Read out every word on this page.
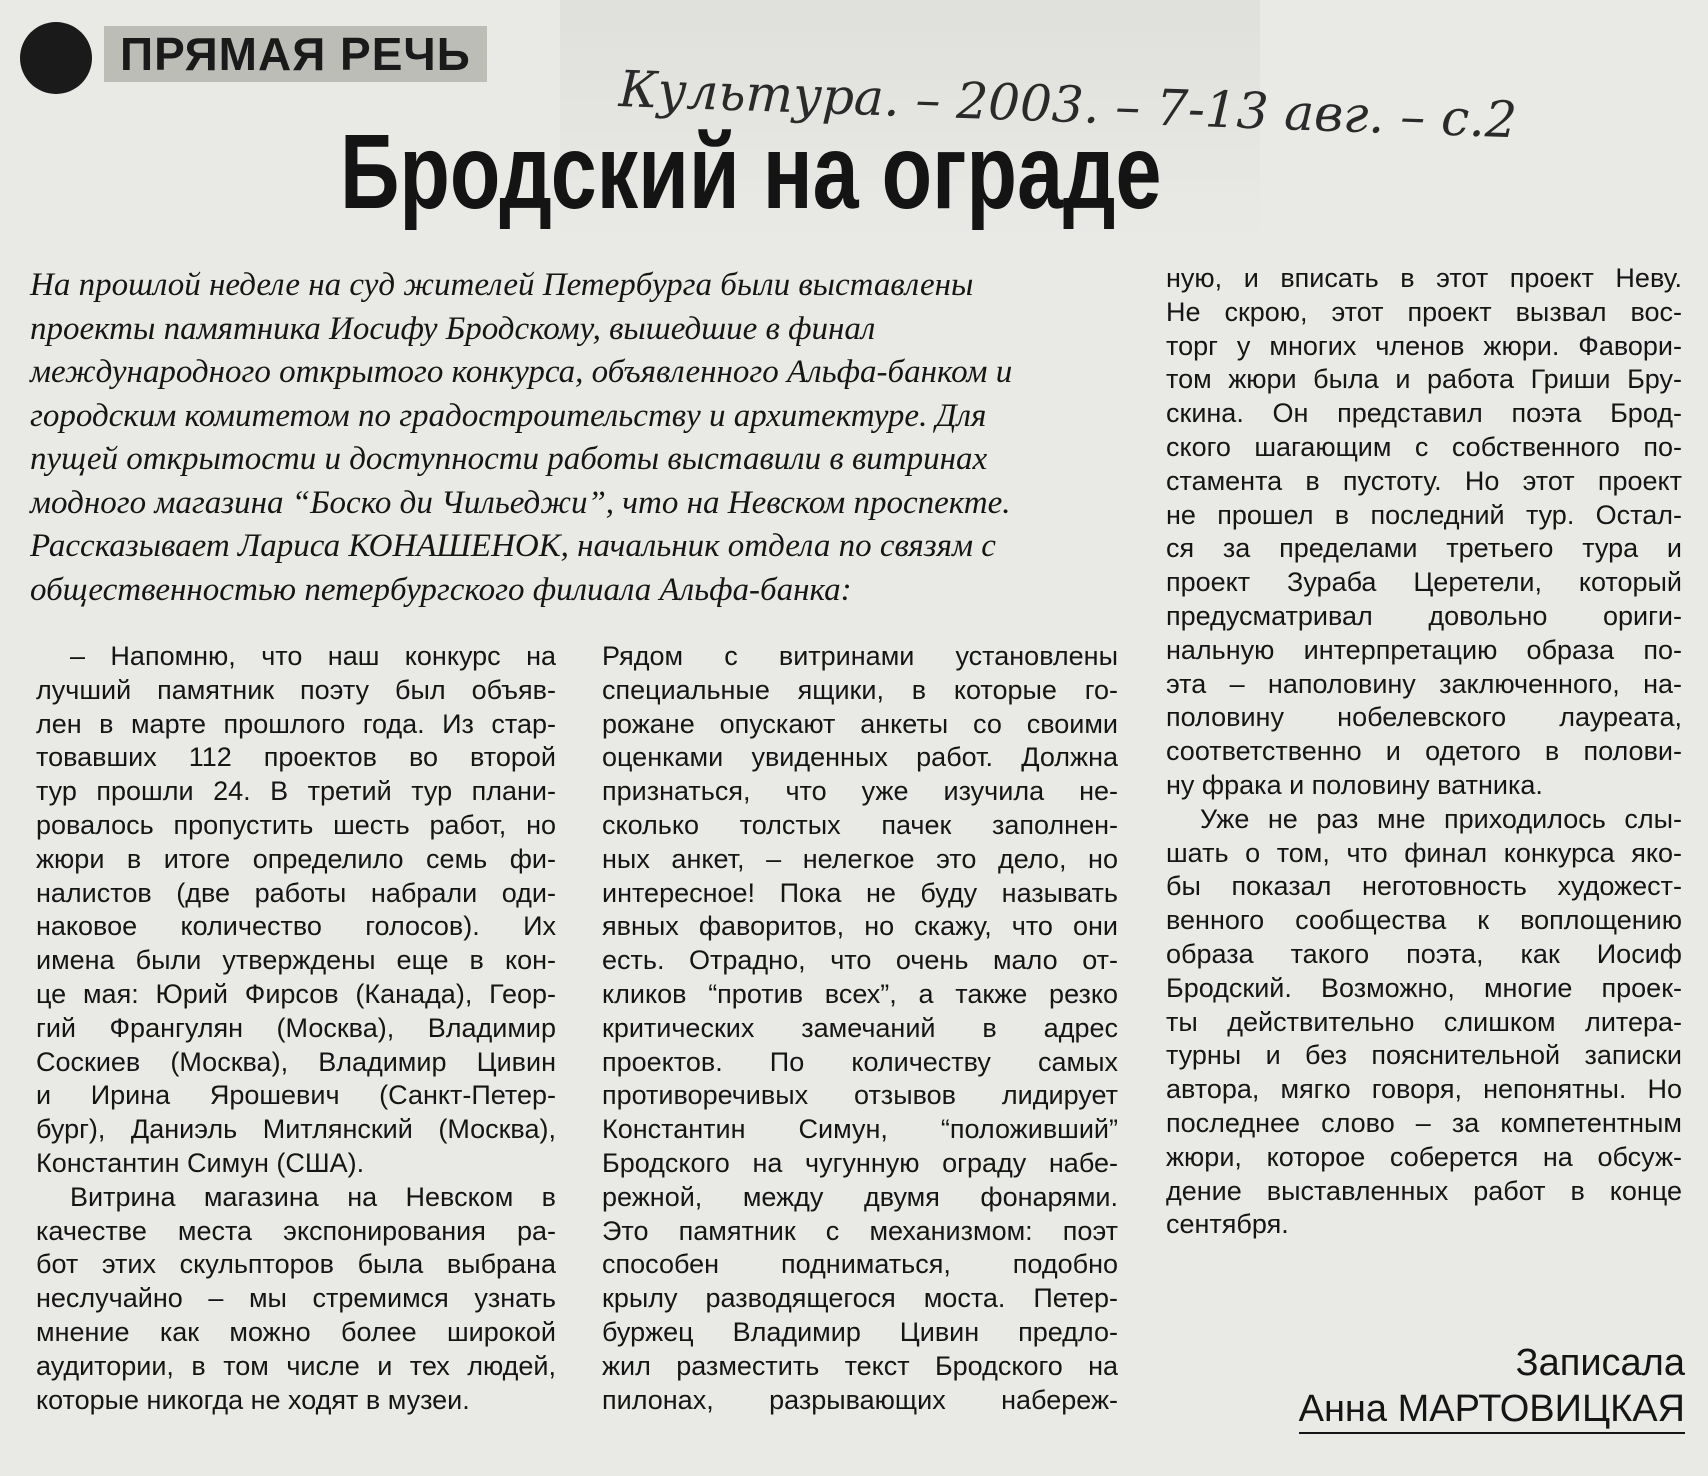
ПРЯМАЯ РЕЧЬ
Культура. – 2003. – 7-13 авг. – с.2
Бродский на ограде
На прошлой неделе на суд жителей Петербурга были выставлены
проекты памятника Иосифу Бродскому, вышедшие в финал
международного открытого конкурса, объявленного Альфа-банком и
городским комитетом по градостроительству и архитектуре. Для
пущей открытости и доступности работы выставили в витринах
модного магазина “Боско ди Чильеджи”, что на Невском проспекте.
Рассказывает Лариса КОНАШЕНОК, начальник отдела по связям с
общественностью петербургского филиала Альфа-банка:
– Напомню, что наш конкурс на
лучший памятник поэту был объяв-
лен в марте прошлого года. Из стар-
товавших 112 проектов во второй
тур прошли 24. В третий тур плани-
ровалось пропустить шесть работ, но
жюри в итоге определило семь фи-
налистов (две работы набрали оди-
наковое количество голосов). Их
имена были утверждены еще в кон-
це мая: Юрий Фирсов (Канада), Геор-
гий Франгулян (Москва), Владимир
Соскиев (Москва), Владимир Цивин
и Ирина Ярошевич (Санкт-Петер-
бург), Даниэль Митлянский (Москва),
Константин Симун (США).
Витрина магазина на Невском в
качестве места экспонирования ра-
бот этих скульпторов была выбрана
неслучайно – мы стремимся узнать
мнение как можно более широкой
аудитории, в том числе и тех людей,
которые никогда не ходят в музеи.
Рядом с витринами установлены
специальные ящики, в которые го-
рожане опускают анкеты со своими
оценками увиденных работ. Должна
признаться, что уже изучила не-
сколько толстых пачек заполнен-
ных анкет, – нелегкое это дело, но
интересное! Пока не буду называть
явных фаворитов, но скажу, что они
есть. Отрадно, что очень мало от-
кликов “против всех”, а также резко
критических замечаний в адрес
проектов. По количеству самых
противоречивых отзывов лидирует
Константин Симун, “положивший”
Бродского на чугунную ограду набе-
режной, между двумя фонарями.
Это памятник с механизмом: поэт
способен подниматься, подобно
крылу разводящегося моста. Петер-
буржец Владимир Цивин предло-
жил разместить текст Бродского на
пилонах, разрывающих набереж-
ную, и вписать в этот проект Неву.
Не скрою, этот проект вызвал вос-
торг у многих членов жюри. Фавори-
том жюри была и работа Гриши Бру-
скина. Он представил поэта Брод-
ского шагающим с собственного по-
стамента в пустоту. Но этот проект
не прошел в последний тур. Остал-
ся за пределами третьего тура и
проект Зураба Церетели, который
предусматривал довольно ориги-
нальную интерпретацию образа по-
эта – наполовину заключенного, на-
половину нобелевского лауреата,
соответственно и одетого в полови-
ну фрака и половину ватника.
Уже не раз мне приходилось слы-
шать о том, что финал конкурса яко-
бы показал неготовность художест-
венного сообщества к воплощению
образа такого поэта, как Иосиф
Бродский. Возможно, многие проек-
ты действительно слишком литера-
турны и без пояснительной записки
автора, мягко говоря, непонятны. Но
последнее слово – за компетентным
жюри, которое соберется на обсуж-
дение выставленных работ в конце
сентября.
Записала
Анна МАРТОВИЦКАЯ
